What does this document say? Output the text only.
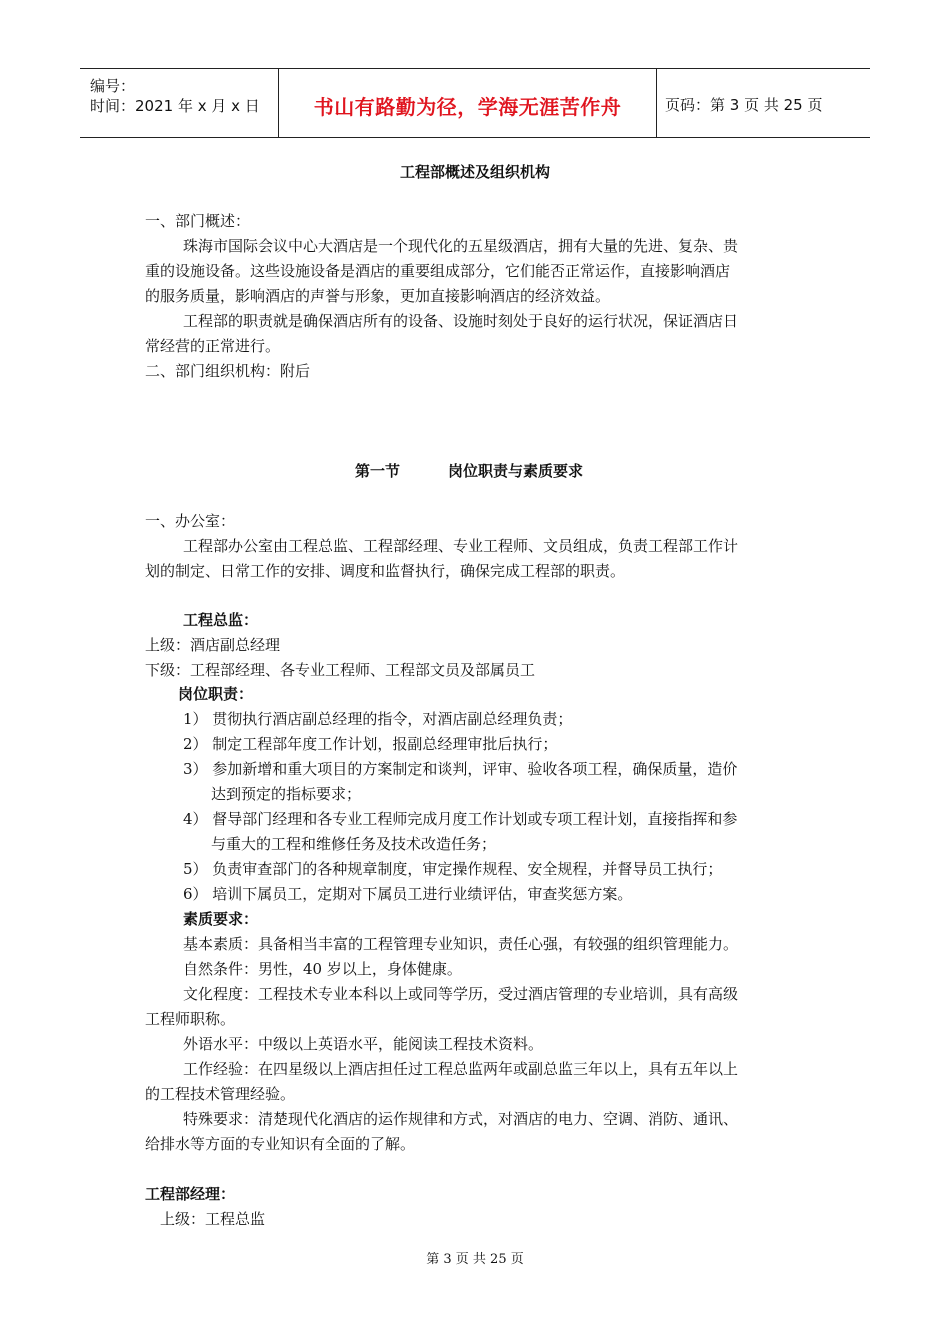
编号：
时间：2021 年 x 月 x 日	书山有路勤为径，学海无涯苦作舟	页码：第 3 页 共 25 页
工程部概述及组织机构
一、部门概述：
珠海市国际会议中心大酒店是一个现代化的五星级酒店，拥有大量的先进、复杂、贵
重的设施设备。这些设施设备是酒店的重要组成部分，它们能否正常运作，直接影响酒店
的服务质量，影响酒店的声誉与形象，更加直接影响酒店的经济效益。
工程部的职责就是确保酒店所有的设备、设施时刻处于良好的运行状况，保证酒店日
常经营的正常进行。
二、部门组织机构：附后
第一节	岗位职责与素质要求
一、办公室：
工程部办公室由工程总监、工程部经理、专业工程师、文员组成，负责工程部工作计
划的制定、日常工作的安排、调度和监督执行，确保完成工程部的职责。
工程总监：
上级：酒店副总经理
下级：工程部经理、各专业工程师、工程部文员及部属员工
岗位职责：
1） 贯彻执行酒店副总经理的指令，对酒店副总经理负责；
2） 制定工程部年度工作计划，报副总经理审批后执行；
3） 参加新增和重大项目的方案制定和谈判，评审、验收各项工程，确保质量，造价
达到预定的指标要求；
4） 督导部门经理和各专业工程师完成月度工作计划或专项工程计划，直接指挥和参
与重大的工程和维修任务及技术改造任务；
5） 负责审查部门的各种规章制度，审定操作规程、安全规程，并督导员工执行；
6） 培训下属员工，定期对下属员工进行业绩评估，审查奖惩方案。
素质要求：
基本素质：具备相当丰富的工程管理专业知识，责任心强，有较强的组织管理能力。
自然条件：男性，40 岁以上，身体健康。
文化程度：工程技术专业本科以上或同等学历，受过酒店管理的专业培训，具有高级
工程师职称。
外语水平：中级以上英语水平，能阅读工程技术资料。
工作经验：在四星级以上酒店担任过工程总监两年或副总监三年以上，具有五年以上
的工程技术管理经验。
特殊要求：清楚现代化酒店的运作规律和方式，对酒店的电力、空调、消防、通讯、
给排水等方面的专业知识有全面的了解。
工程部经理：
上级：工程总监
第 3 页 共 25 页
